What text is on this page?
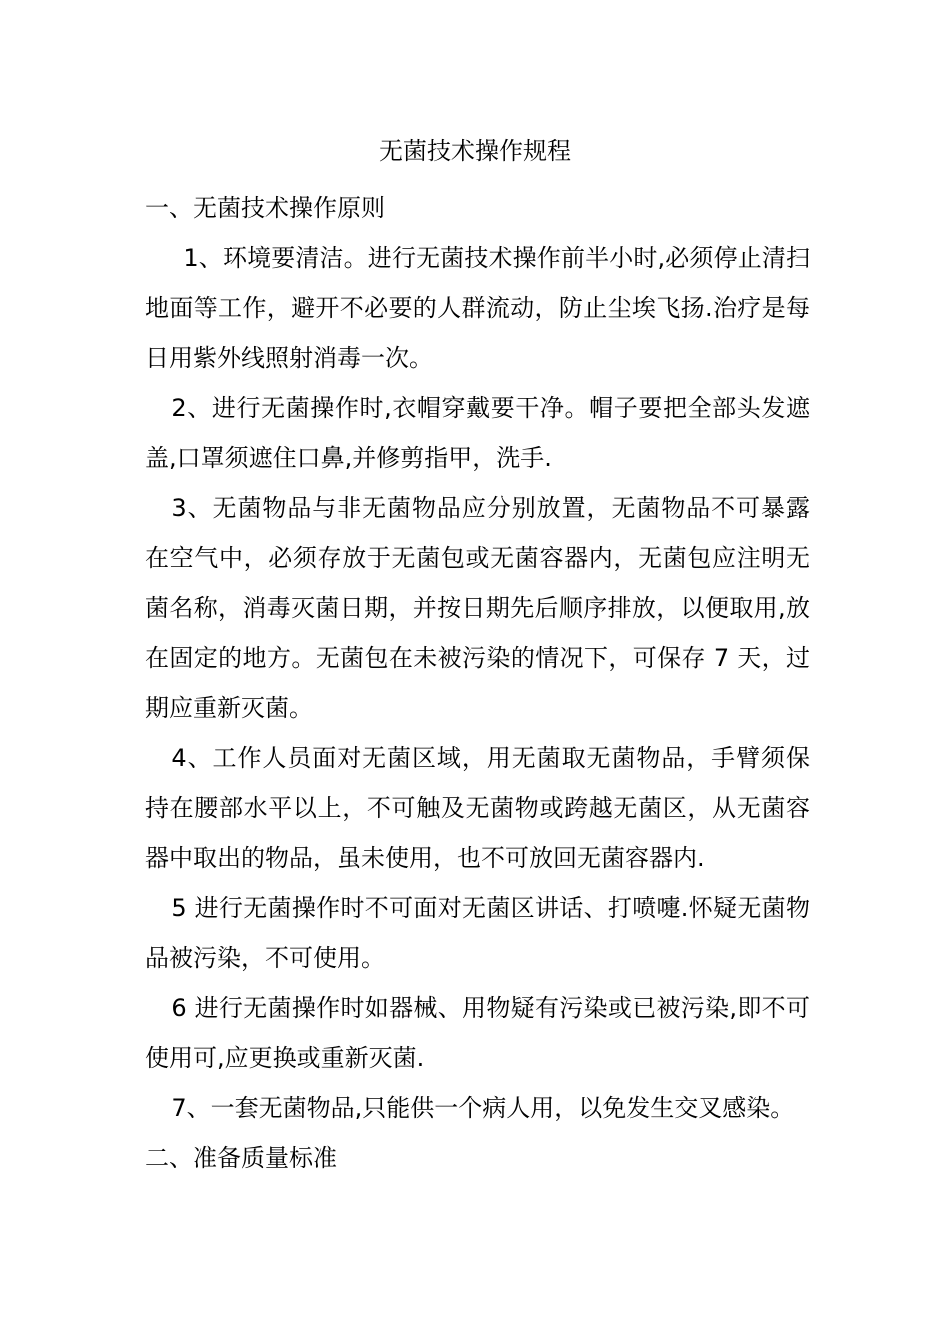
无菌技术操作规程

一、无菌技术操作原则

1、环境要清洁。进行无菌技术操作前半小时,必须停止清扫地面等工作，避开不必要的人群流动，防止尘埃飞扬.治疗是每日用紫外线照射消毒一次。

2、进行无菌操作时,衣帽穿戴要干净。帽子要把全部头发遮盖,口罩须遮住口鼻,并修剪指甲，洗手.

3、无菌物品与非无菌物品应分别放置，无菌物品不可暴露在空气中，必须存放于无菌包或无菌容器内，无菌包应注明无菌名称，消毒灭菌日期，并按日期先后顺序排放，以便取用,放在固定的地方。无菌包在未被污染的情况下，可保存 7 天，过期应重新灭菌。

4、工作人员面对无菌区域，用无菌取无菌物品，手臂须保持在腰部水平以上，不可触及无菌物或跨越无菌区，从无菌容器中取出的物品，虽未使用，也不可放回无菌容器内.

5 进行无菌操作时不可面对无菌区讲话、打喷嚏.怀疑无菌物品被污染，不可使用。

6 进行无菌操作时如器械、用物疑有污染或已被污染,即不可使用可,应更换或重新灭菌.

7、一套无菌物品,只能供一个病人用，以免发生交叉感染。

二、准备质量标准
